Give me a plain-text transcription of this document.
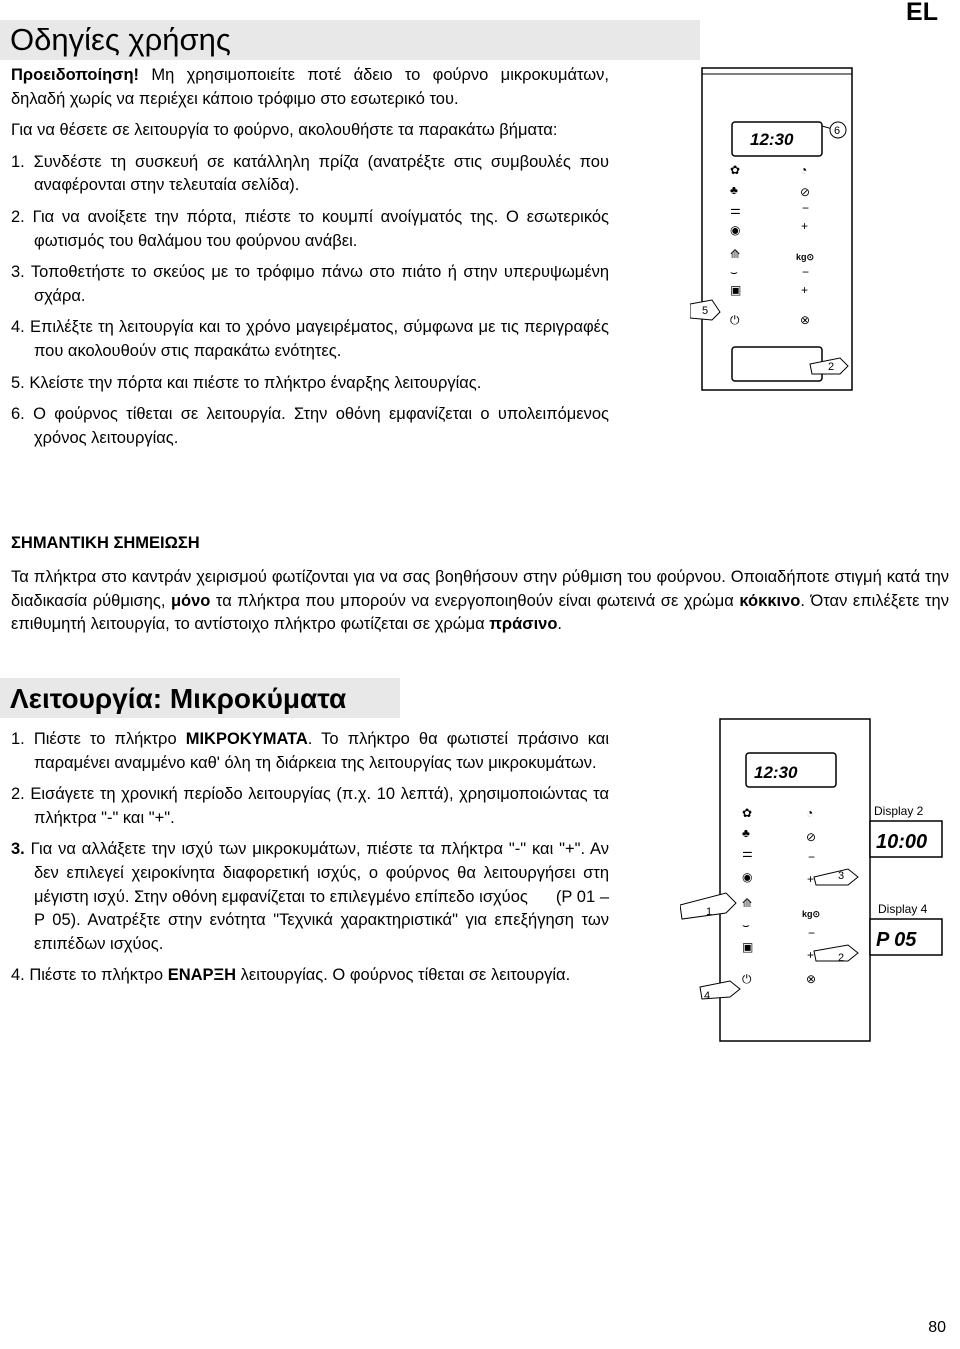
EL
Οδηγίες χρήσης

Προειδοποίηση! Μη χρησιμοποιείτε ποτέ άδειο το φούρνο μικροκυμάτων, δηλαδή χωρίς να περιέχει κάποιο τρόφιμο στο εσωτερικό του.

Για να θέσετε σε λειτουργία το φούρνο, ακολουθήστε τα παρακάτω βήματα:

1. Συνδέστε τη συσκευή σε κατάλληλη πρίζα (ανατρέξτε στις συμβουλές που αναφέρονται στην τελευταία σελίδα).

2. Για να ανοίξετε την πόρτα, πιέστε το κουμπί ανοίγματός της. Ο εσωτερικός φωτισμός του θαλάμου του φούρνου ανάβει.

3. Τοποθετήστε το σκεύος με το τρόφιμο πάνω στο πιάτο ή στην υπερυψωμένη σχάρα.

4. Επιλέξτε τη λειτουργία και το χρόνο μαγειρέματος, σύμφωνα με τις περιγραφές που ακολουθούν στις παρακάτω ενότητες.

5. Κλείστε την πόρτα και πιέστε το πλήκτρο έναρξης λειτουργίας.

6. Ο φούρνος τίθεται σε λειτουργία. Στην οθόνη εμφανίζεται ο υπολειπόμενος χρόνος λειτουργίας.

12:30	6
✿
♣
⚌
◉
⟰
⌣
▣
⏻
◔
⊘
−
+
kg⊙
−
+
⊗
5
2
ΣΗΜΑΝΤΙΚΗ ΣΗΜΕΙΩΣΗ

Τα πλήκτρα στο καντράν χειρισμού φωτίζονται για να σας βοηθήσουν στην ρύθμιση του φούρνου. Οποιαδήποτε στιγμή κατά την διαδικασία ρύθμισης, μόνο τα πλήκτρα που μπορούν να ενεργοποιηθούν είναι φωτεινά σε χρώμα κόκκινο. Όταν επιλέξετε την επιθυμητή λειτουργία, το αντίστοιχο πλήκτρο φωτίζεται σε χρώμα πράσινο.

Λειτουργία: Μικροκύματα

1. Πιέστε το πλήκτρο ΜΙΚΡΟΚΥΜΑΤΑ. Το πλήκτρο θα φωτιστεί πράσινο και παραμένει αναμμένο καθ' όλη τη διάρκεια της λειτουργίας των μικροκυμάτων.

2. Εισάγετε τη χρονική περίοδο λειτουργίας (π.χ. 10 λεπτά), χρησιμοποιώντας τα πλήκτρα "-" και "+".

3. Για να αλλάξετε την ισχύ των μικροκυμάτων, πιέστε τα πλήκτρα "-" και "+". Αν δεν επιλεγεί χειροκίνητα διαφορετική ισχύς, ο φούρνος θα λειτουργήσει στη μέγιστη ισχύ. Στην οθόνη εμφανίζεται το επιλεγμένο επίπεδο ισχύος (P 01 – P 05). Ανατρέξτε στην ενότητα "Τεχνικά χαρακτηριστικά" για επεξήγηση των επιπέδων ισχύος.

4. Πιέστε το πλήκτρο ΕΝΑΡΞΗ λειτουργίας. Ο φούρνος τίθεται σε λειτουργία.

12:30
✿
♣
⚌
◉
⟰
⌣
▣
⏻
◔
⊘
−
+
kg⊙
−
+
⊗
Display 2
10:00
Display 4
P 05
1
3
2
4
80
